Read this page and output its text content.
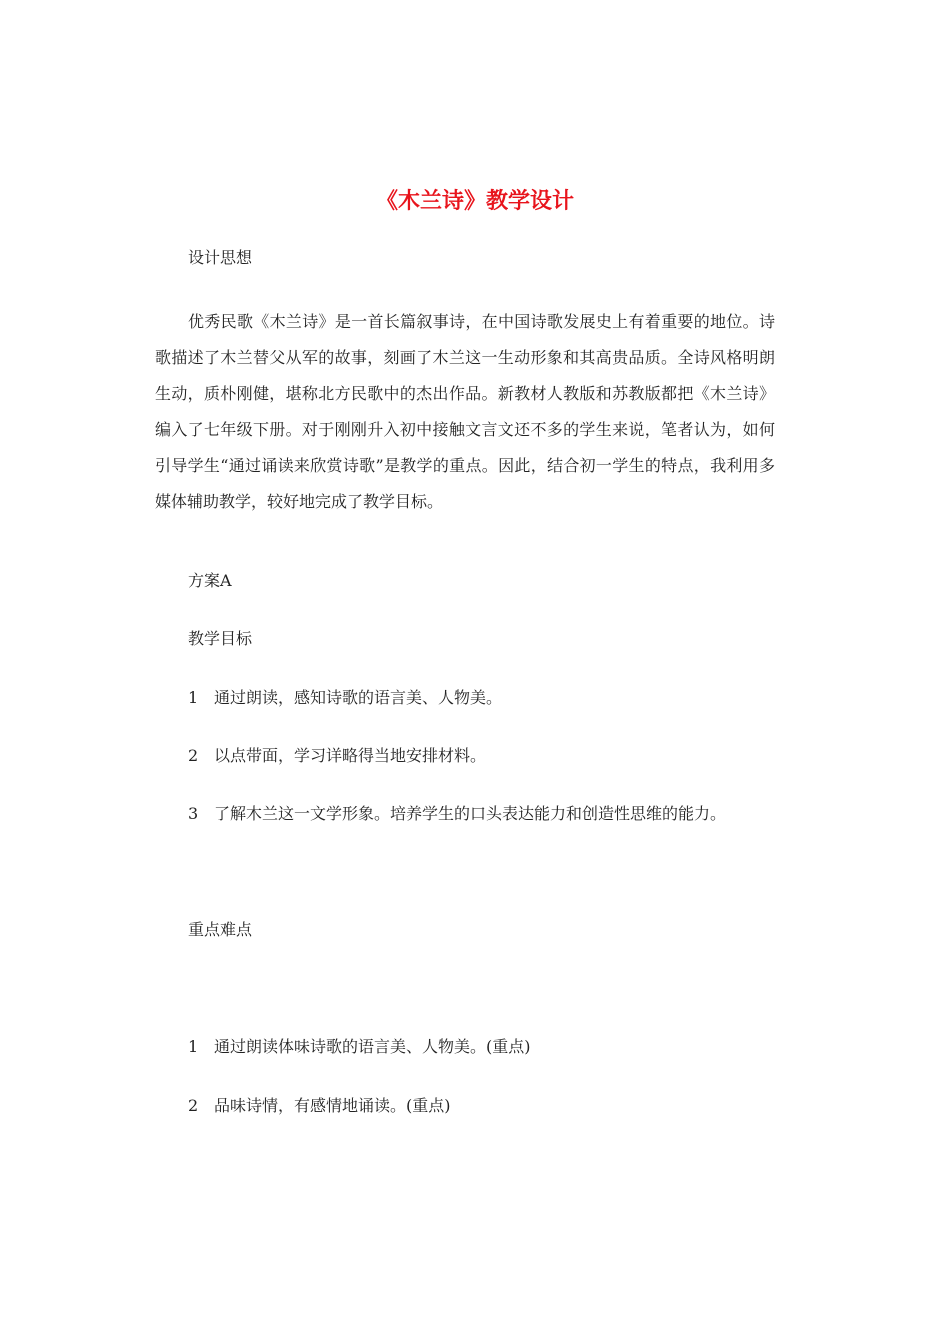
《木兰诗》教学设计
设计思想
优秀民歌《木兰诗》是一首长篇叙事诗，在中国诗歌发展史上有着重要的地位。诗歌描述了木兰替父从军的故事，刻画了木兰这一生动形象和其高贵品质。全诗风格明朗生动，质朴刚健，堪称北方民歌中的杰出作品。新教材人教版和苏教版都把《木兰诗》编入了七年级下册。对于刚刚升入初中接触文言文还不多的学生来说，笔者认为，如何引导学生“通过诵读来欣赏诗歌”是教学的重点。因此，结合初一学生的特点，我利用多媒体辅助教学，较好地完成了教学目标。
方案A
教学目标
1 通过朗读，感知诗歌的语言美、人物美。
2 以点带面，学习详略得当地安排材料。
3 了解木兰这一文学形象。培养学生的口头表达能力和创造性思维的能力。
重点难点
1 通过朗读体味诗歌的语言美、人物美。(重点)
2 品味诗情，有感情地诵读。(重点)
